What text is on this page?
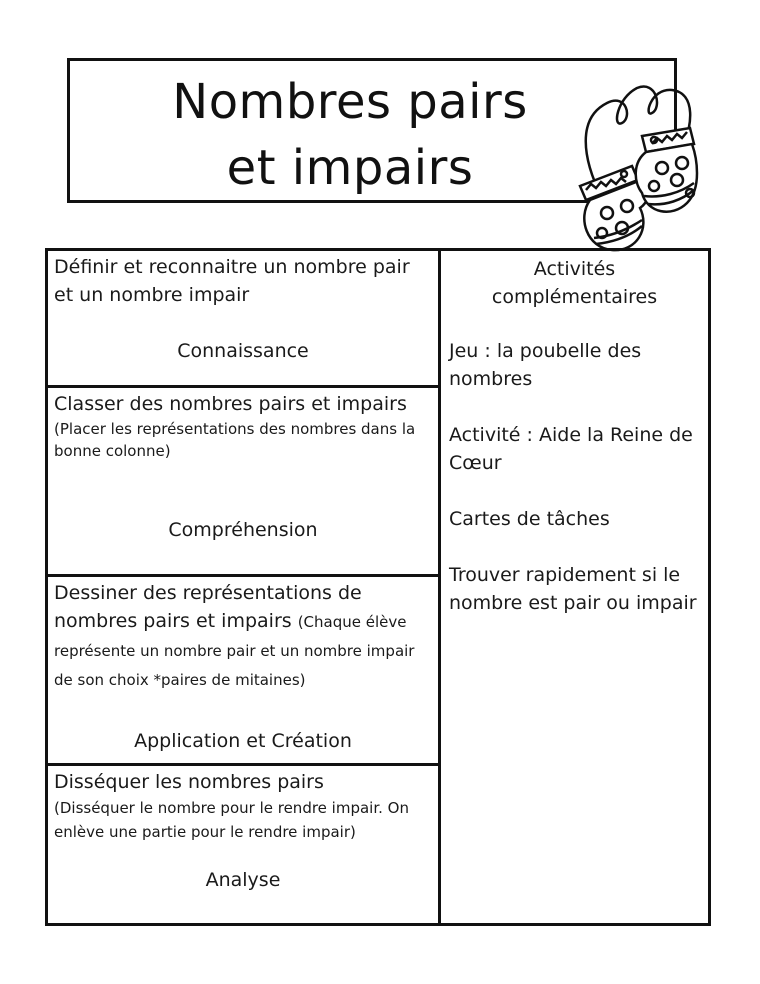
Nombres pairs
et impairs
Définir et reconnaitre un nombre pair et un nombre impair
Connaissance
Classer des nombres pairs et impairs
(Placer les représentations des nombres dans la bonne colonne)
Compréhension
Dessiner des représentations de nombres pairs et impairs (Chaque élève représente un nombre pair et un nombre impair de son choix *paires de mitaines)
Application et Création
Disséquer les nombres pairs
(Disséquer le nombre pour le rendre impair. On enlève une partie pour le rendre impair)
Analyse
Activités complémentaires
Jeu : la poubelle des nombres
Activité : Aide la Reine de Cœur
Cartes de tâches
Trouver rapidement si le nombre est pair ou impair
